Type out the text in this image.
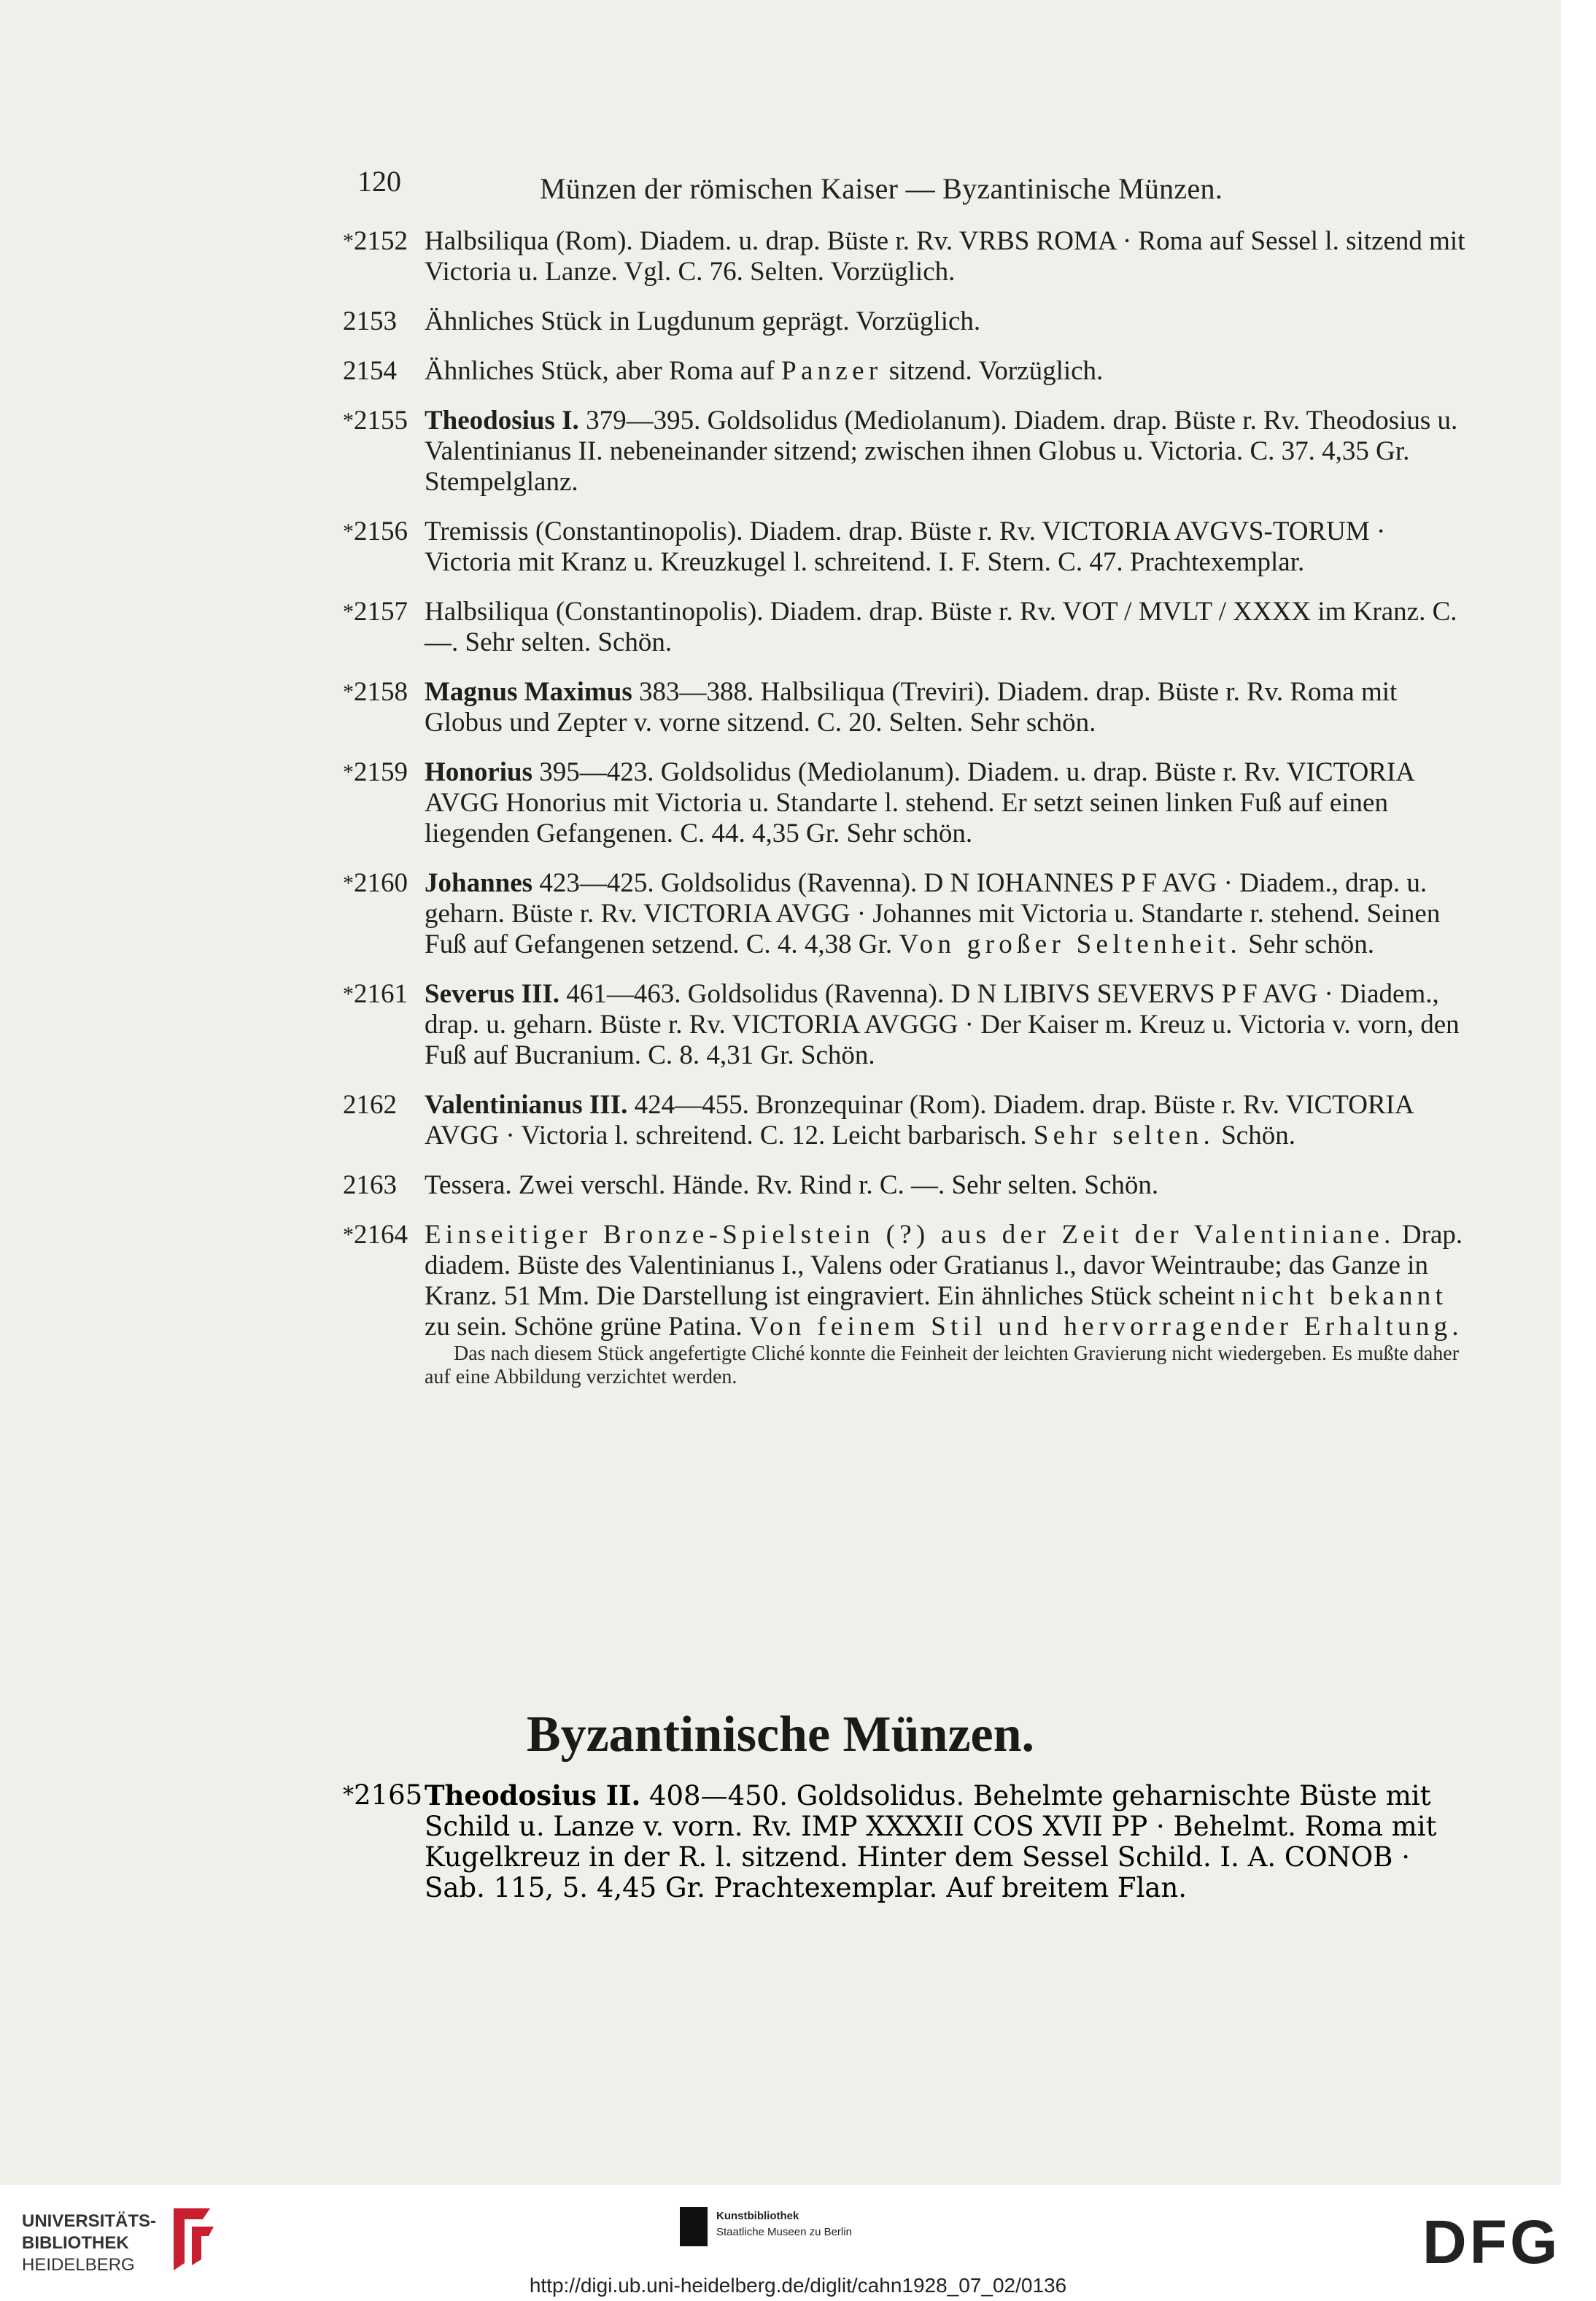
120	Münzen der römischen Kaiser — Byzantinische Münzen.
*2152 Halbsiliqua (Rom). Diadem. u. drap. Büste r. Rv. VRBS ROMA · Roma auf Sessel l. sitzend mit Victoria u. Lanze. Vgl. C. 76. Selten. Vorzüglich.

2153	Ähnliches Stück in Lugdunum geprägt. Vorzüglich.

2154	Ähnliches Stück, aber Roma auf Panzer sitzend. Vorzüglich.

*2155 Theodosius I. 379—395. Goldsolidus (Mediolanum). Diadem. drap. Büste r. Rv. Theodosius u. Valentinianus II. nebeneinander sitzend; zwischen ihnen Globus u. Victoria. C. 37. 4,35 Gr. Stempelglanz.

*2156 Tremissis (Constantinopolis). Diadem. drap. Büste r. Rv. VICTORIA AVGVS-TORUM · Victoria mit Kranz u. Kreuzkugel l. schreitend. I. F. Stern. C. 47. Prachtexemplar.

*2157 Halbsiliqua (Constantinopolis). Diadem. drap. Büste r. Rv. VOT / MVLT / XXXX im Kranz. C. —. Sehr selten. Schön.

*2158 Magnus Maximus 383—388. Halbsiliqua (Treviri). Diadem. drap. Büste r. Rv. Roma mit Globus und Zepter v. vorne sitzend. C. 20. Selten. Sehr schön.

*2159 Honorius 395—423. Goldsolidus (Mediolanum). Diadem. u. drap. Büste r. Rv. VICTORIA AVGG Honorius mit Victoria u. Standarte l. stehend. Er setzt seinen linken Fuß auf einen liegenden Gefangenen. C. 44. 4,35 Gr. Sehr schön.

*2160 Johannes 423—425. Goldsolidus (Ravenna). D N IOHANNES P F AVG · Diadem., drap. u. geharn. Büste r. Rv. VICTORIA AVGG · Johannes mit Victoria u. Standarte r. stehend. Seinen Fuß auf Gefangenen setzend. C. 4. 4,38 Gr. Von großer Seltenheit. Sehr schön.

*2161 Severus III. 461—463. Goldsolidus (Ravenna). D N LIBIVS SEVERVS P F AVG · Diadem., drap. u. geharn. Büste r. Rv. VICTORIA AVGGG · Der Kaiser m. Kreuz u. Victoria v. vorn, den Fuß auf Bucranium. C. 8. 4,31 Gr. Schön.

2162	Valentinianus III. 424—455. Bronzequinar (Rom). Diadem. drap. Büste r. Rv. VICTORIA AVGG · Victoria l. schreitend. C. 12. Leicht barbarisch. Sehr selten. Schön.

2163	Tessera. Zwei verschl. Hände. Rv. Rind r. C. —. Sehr selten. Schön.

*2164 Einseitiger Bronze-Spielstein (?) aus der Zeit der Valentiniane. Drap. diadem. Büste des Valentinianus I., Valens oder Gratianus l., davor Weintraube; das Ganze in Kranz. 51 Mm. Die Darstellung ist eingraviert. Ein ähnliches Stück scheint nicht bekannt zu sein. Schöne grüne Patina. Von feinem Stil und hervorragender Erhaltung.

Das nach diesem Stück angefertigte Cliché konnte die Feinheit der leichten Gravierung nicht wiedergeben. Es mußte daher auf eine Abbildung verzichtet werden.

Byzantinische Münzen.
*2165 Theodosius II. 408—450. Goldsolidus. Behelmte geharnischte Büste mit Schild u. Lanze v. vorn. Rv. IMP XXXXII COS XVII PP · Behelmt. Roma mit Kugelkreuz in der R. l. sitzend. Hinter dem Sessel Schild. I. A. CONOB · Sab. 115, 5. 4,45 Gr. Prachtexemplar. Auf breitem Flan.

UNIVERSITÄTS-
BIBLIOTHEK
HEIDELBERG
Kunstbibliothek
Staatliche Museen zu Berlin	DFG
http://digi.ub.uni-heidelberg.de/diglit/cahn1928_07_02/0136
